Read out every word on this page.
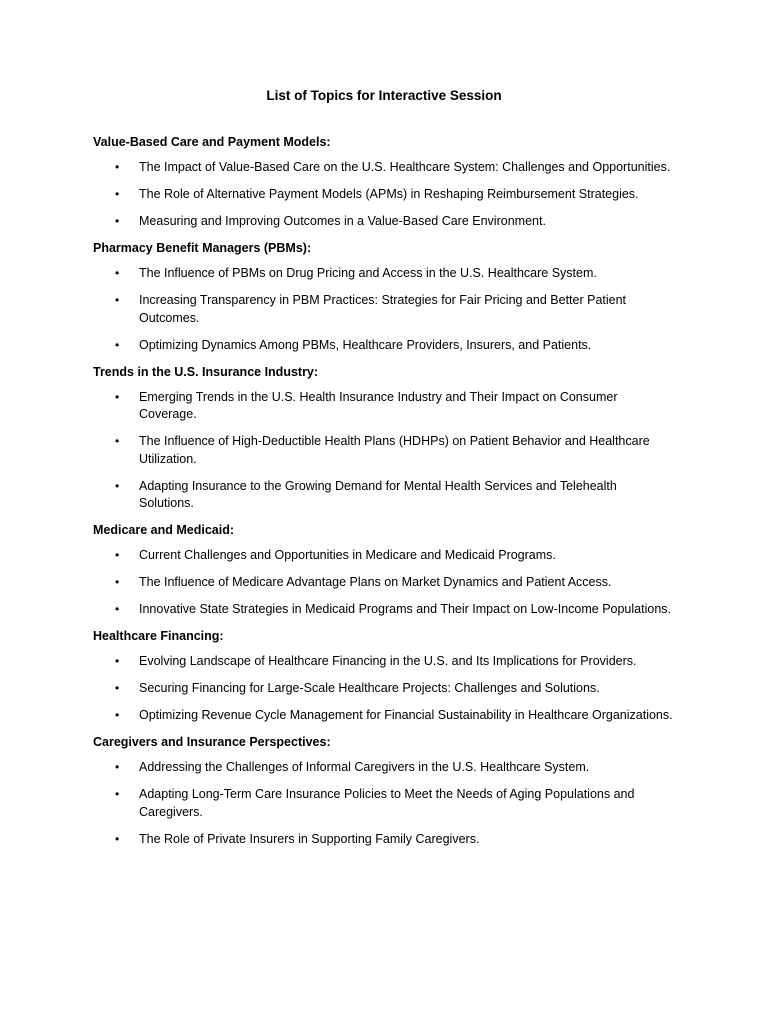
List of Topics for Interactive Session
Value-Based Care and Payment Models:
• The Impact of Value-Based Care on the U.S. Healthcare System: Challenges and Opportunities.
• The Role of Alternative Payment Models (APMs) in Reshaping Reimbursement Strategies.
• Measuring and Improving Outcomes in a Value-Based Care Environment.
Pharmacy Benefit Managers (PBMs):
• The Influence of PBMs on Drug Pricing and Access in the U.S. Healthcare System.
• Increasing Transparency in PBM Practices: Strategies for Fair Pricing and Better Patient Outcomes.
• Optimizing Dynamics Among PBMs, Healthcare Providers, Insurers, and Patients.
Trends in the U.S. Insurance Industry:
• Emerging Trends in the U.S. Health Insurance Industry and Their Impact on Consumer Coverage.
• The Influence of High-Deductible Health Plans (HDHPs) on Patient Behavior and Healthcare Utilization.
• Adapting Insurance to the Growing Demand for Mental Health Services and Telehealth Solutions.
Medicare and Medicaid:
• Current Challenges and Opportunities in Medicare and Medicaid Programs.
• The Influence of Medicare Advantage Plans on Market Dynamics and Patient Access.
• Innovative State Strategies in Medicaid Programs and Their Impact on Low-Income Populations.
Healthcare Financing:
• Evolving Landscape of Healthcare Financing in the U.S. and Its Implications for Providers.
• Securing Financing for Large-Scale Healthcare Projects: Challenges and Solutions.
• Optimizing Revenue Cycle Management for Financial Sustainability in Healthcare Organizations.
Caregivers and Insurance Perspectives:
• Addressing the Challenges of Informal Caregivers in the U.S. Healthcare System.
• Adapting Long-Term Care Insurance Policies to Meet the Needs of Aging Populations and Caregivers.
• The Role of Private Insurers in Supporting Family Caregivers.
